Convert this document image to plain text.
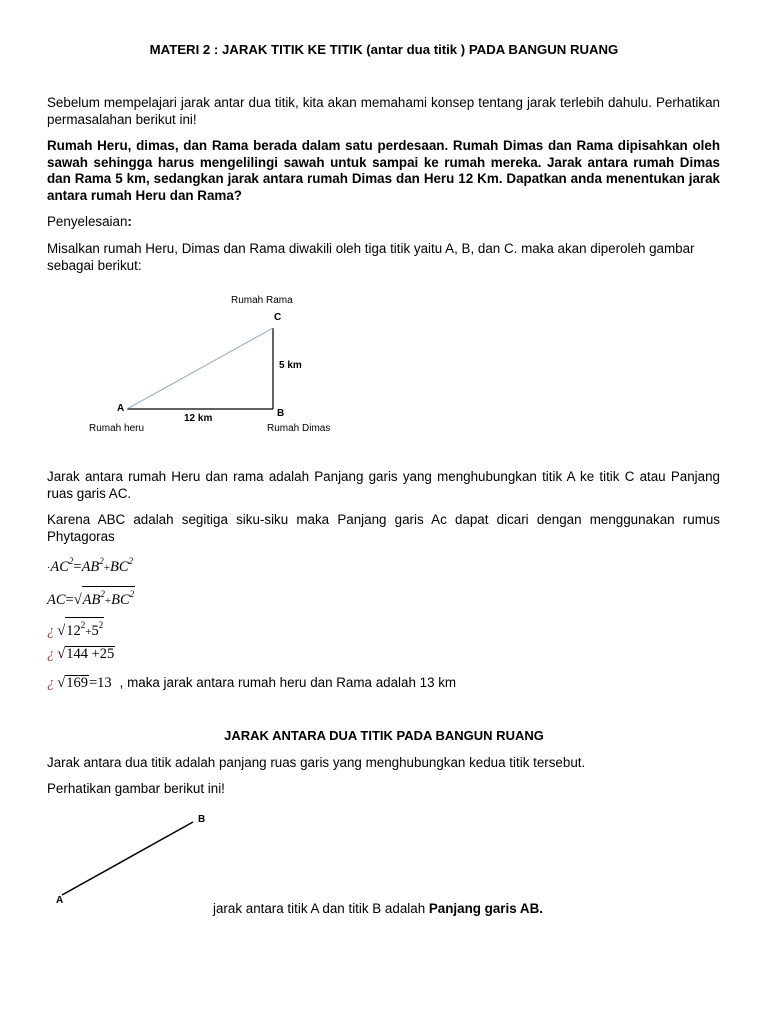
MATERI 2 : JARAK TITIK KE TITIK (antar dua titik ) PADA BANGUN RUANG
Sebelum mempelajari jarak antar dua titik, kita akan memahami konsep tentang jarak terlebih dahulu. Perhatikan permasalahan berikut ini!
Rumah Heru, dimas, dan Rama berada dalam satu perdesaan. Rumah Dimas dan Rama dipisahkan oleh sawah sehingga harus mengelilingi sawah untuk sampai ke rumah mereka. Jarak antara rumah Dimas dan Rama 5 km, sedangkan jarak antara rumah Dimas dan Heru 12 Km. Dapatkan anda menentukan jarak antara rumah Heru dan Rama?
Penyelesaian:
Misalkan rumah Heru, Dimas dan Rama diwakili oleh tiga titik yaitu A, B, dan C. maka akan diperoleh gambar sebagai berikut:
Rumah Rama
C
5 km
A	B
12 km
Rumah heru	Rumah Dimas
Jarak antara rumah Heru dan rama adalah Panjang garis yang menghubungkan titik A ke titik C atau Panjang ruas garis AC.
Karena ABC adalah segitiga siku-siku maka Panjang garis Ac dapat dicari dengan menggunakan rumus Phytagoras
$\cdot AC^2=AB^2+BC^2$
$AC=√AB^2+BC^2$
¿ $√12^2+5^2$
¿ √144 +25
¿ √169=13 , maka jarak antara rumah heru dan Rama adalah 13 km
JARAK ANTARA DUA TITIK PADA BANGUN RUANG
Jarak antara dua titik adalah panjang ruas garis yang menghubungkan kedua titik tersebut.
Perhatikan gambar berikut ini!
B
A
jarak antara titik A dan titik B adalah Panjang garis AB.
